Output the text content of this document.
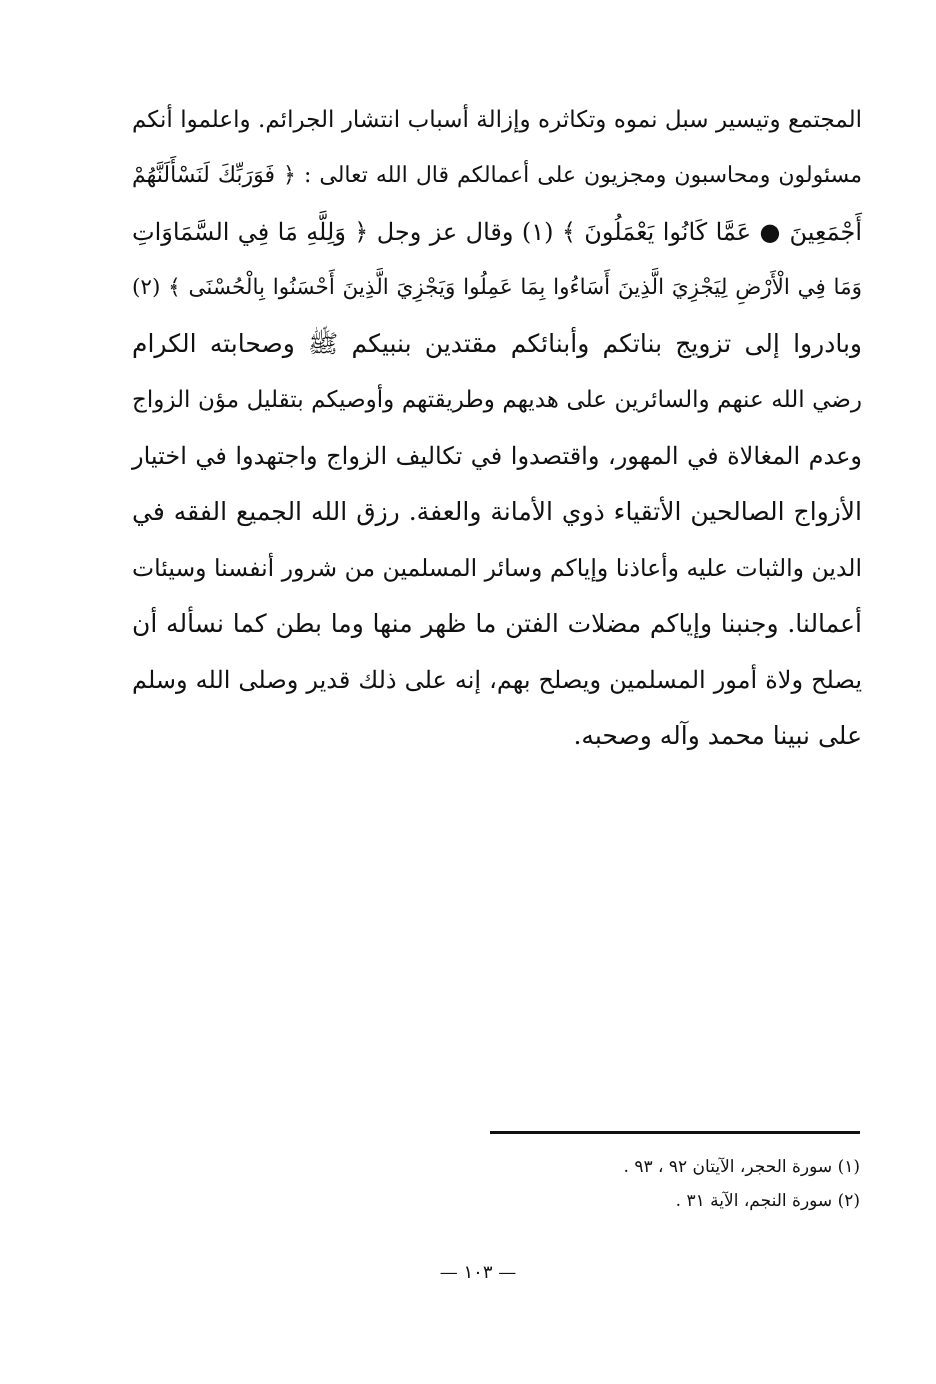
المجتمع وتيسير سبل نموه وتكاثره وإزالة أسباب انتشار الجرائم. واعلموا أنكم
مسئولون ومحاسبون ومجزيون على أعمالكم قال الله تعالى : ﴿ فَوَرَبِّكَ لَنَسْأَلَنَّهُمْ
أَجْمَعِينَ ● عَمَّا كَانُوا يَعْمَلُونَ ﴾ (١) وقال عز وجل ﴿ وَلِلَّهِ مَا فِي السَّمَاوَاتِ
وَمَا فِي الْأَرْضِ لِيَجْزِيَ الَّذِينَ أَسَاءُوا بِمَا عَمِلُوا وَيَجْزِيَ الَّذِينَ أَحْسَنُوا بِالْحُسْنَى ﴾ (٢)
وبادروا إلى تزويج بناتكم وأبنائكم مقتدين بنبيكم ﷺ وصحابته الكرام
رضي الله عنهم والسائرين على هديهم وطريقتهم وأوصيكم بتقليل مؤن الزواج
وعدم المغالاة في المهور، واقتصدوا في تكاليف الزواج واجتهدوا في اختيار
الأزواج الصالحين الأتقياء ذوي الأمانة والعفة. رزق الله الجميع الفقه في
الدين والثبات عليه وأعاذنا وإياكم وسائر المسلمين من شرور أنفسنا وسيئات
أعمالنا. وجنبنا وإياكم مضلات الفتن ما ظهر منها وما بطن كما نسأله أن
يصلح ولاة أمور المسلمين ويصلح بهم، إنه على ذلك قدير وصلى الله وسلم
على نبينا محمد وآله وصحبه.
(١) سورة الحجر، الآيتان ٩٢ ، ٩٣ .
(٢) سورة النجم، الآية ٣١ .
— ١٠٣ —
